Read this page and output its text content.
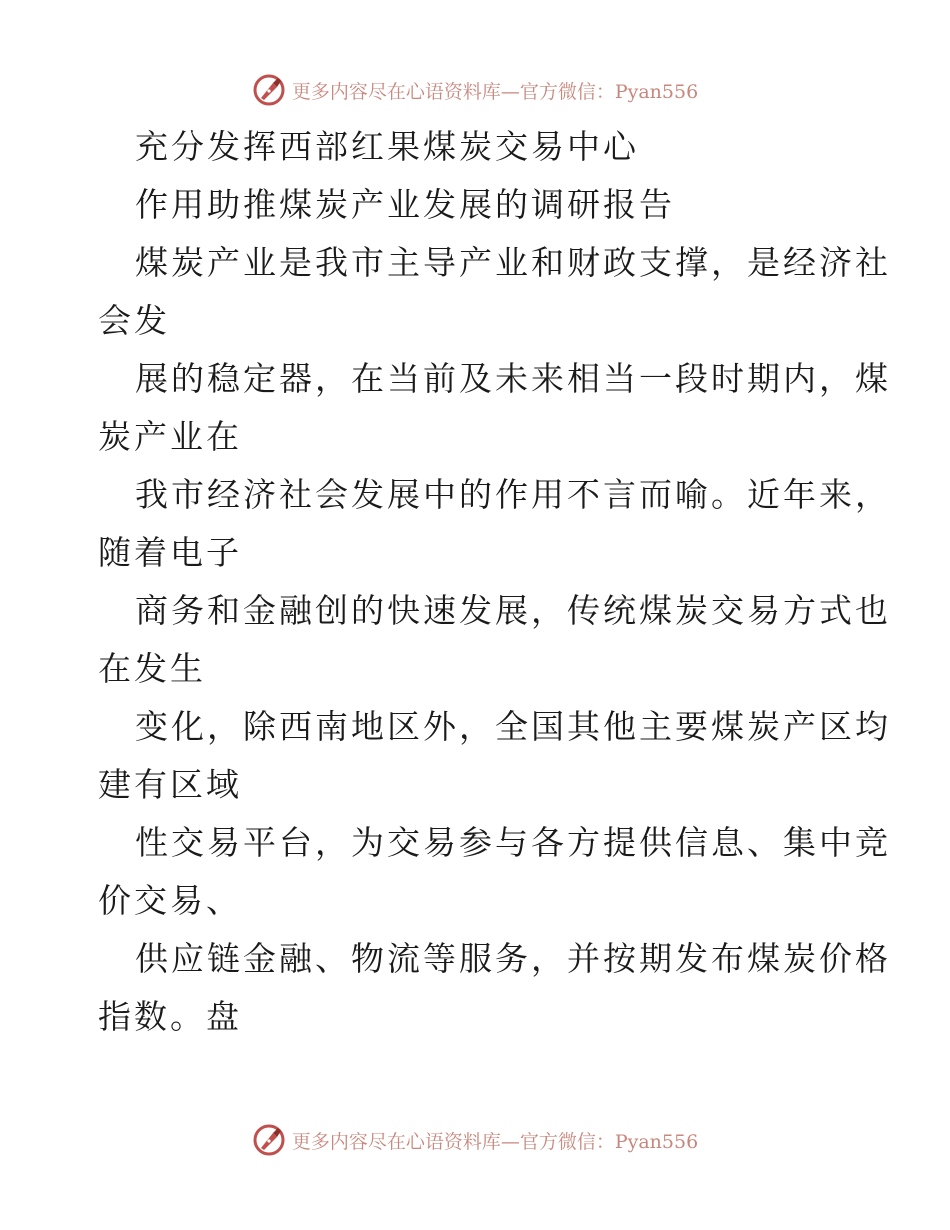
更多内容尽在心语资料库—官方微信：Pyan556
充分发挥西部红果煤炭交易中心
作用助推煤炭产业发展的调研报告
煤炭产业是我市主导产业和财政支撑，是经济社
会发
展的稳定器，在当前及未来相当一段时期内，煤
炭产业在
我市经济社会发展中的作用不言而喻。近年来，
随着电子
商务和金融创的快速发展，传统煤炭交易方式也
在发生
变化，除西南地区外，全国其他主要煤炭产区均
建有区域
性交易平台，为交易参与各方提供信息、集中竞
价交易、
供应链金融、物流等服务，并按期发布煤炭价格
指数。盘
更多内容尽在心语资料库—官方微信：Pyan556
